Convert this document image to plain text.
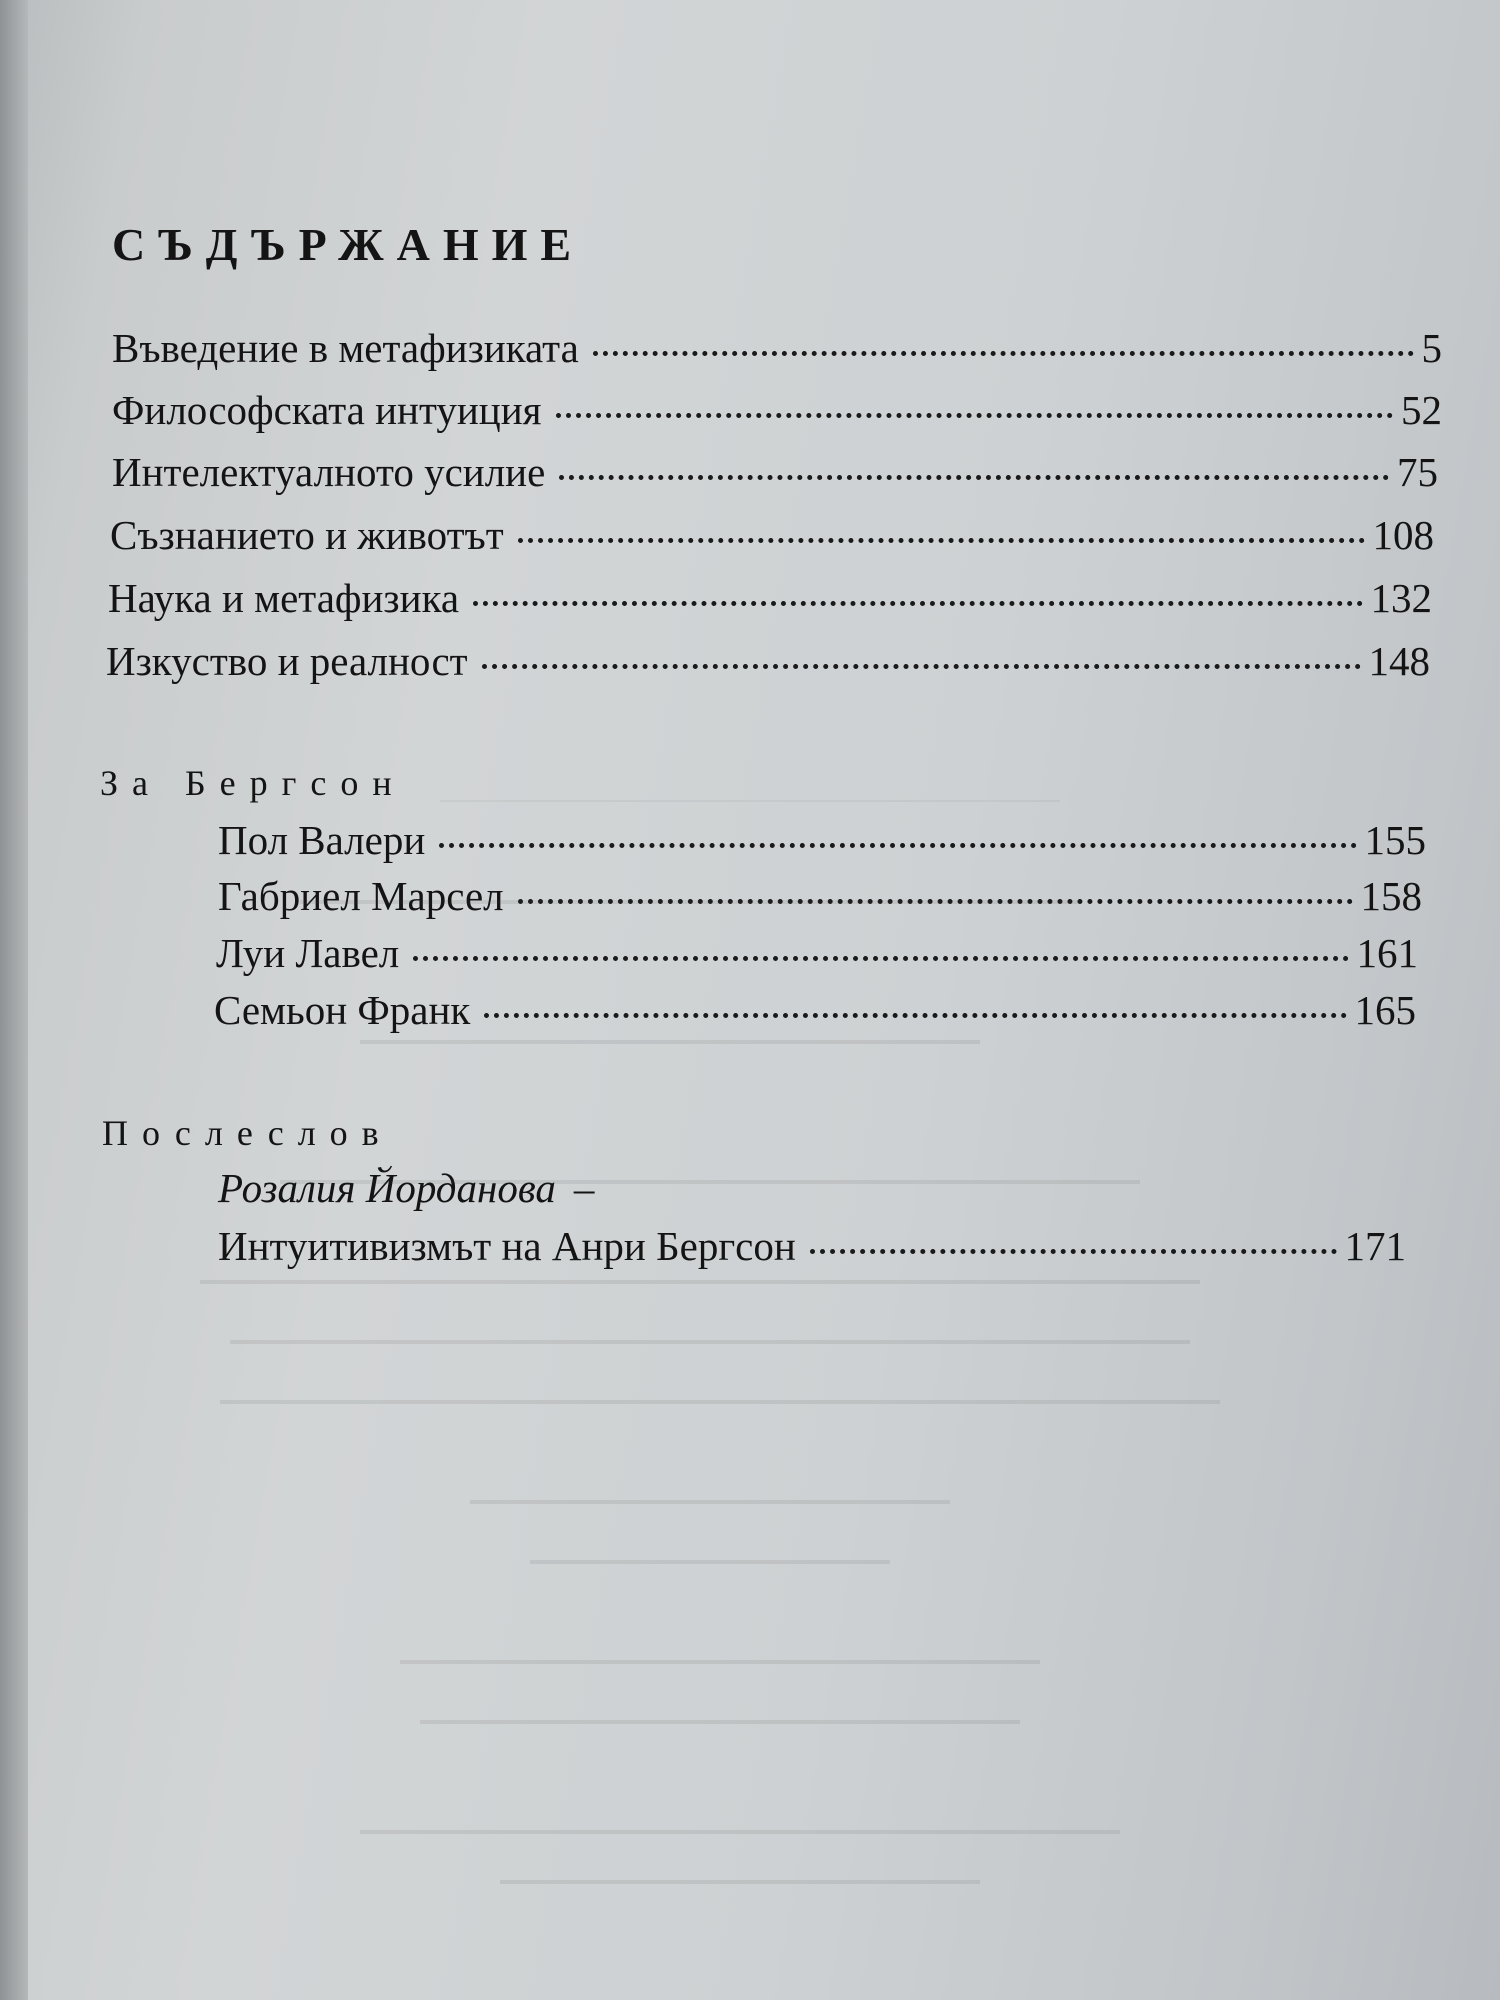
СЪДЪРЖАНИЕ
Въведение в метафизиката	5
Философската интуиция	52
Интелектуалното усилие	75
Съзнанието и животът	108
Наука и метафизика	132
Изкуство и реалност	148
За Бергсон
Пол Валери	155
Габриел Марсел	158
Луи Лавел	161
Семьон Франк	165
Послеслов
Розалия Йорданова –
Интуитивизмът на Анри Бергсон	171
